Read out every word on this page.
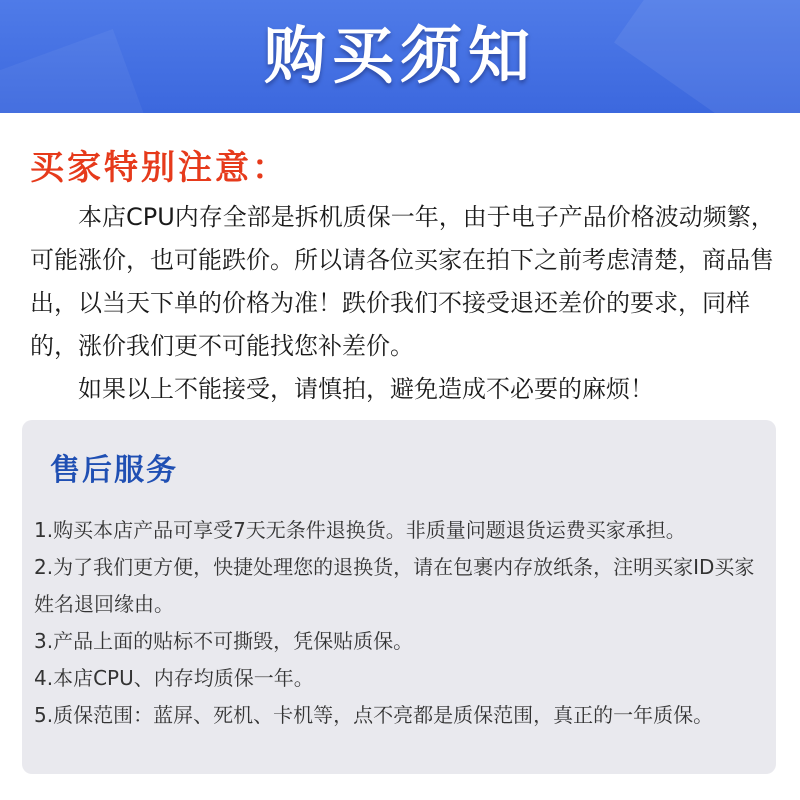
购买须知
买家特别注意：

本店CPU内存全部是拆机质保一年，由于电子产品价格波动频繁，可能涨价，也可能跌价。所以请各位买家在拍下之前考虑清楚，商品售出，以当天下单的价格为准！跌价我们不接受退还差价的要求，同样的，涨价我们更不可能找您补差价。

如果以上不能接受，请慎拍，避免造成不必要的麻烦！

售后服务
1.购买本店产品可享受7天无条件退换货。非质量问题退货运费买家承担。
2.为了我们更方便，快捷处理您的退换货，请在包裹内存放纸条，注明买家ID买家姓名退回缘由。
3.产品上面的贴标不可撕毁，凭保贴质保。
4.本店CPU、内存均质保一年。
5.质保范围：蓝屏、死机、卡机等，点不亮都是质保范围，真正的一年质保。
